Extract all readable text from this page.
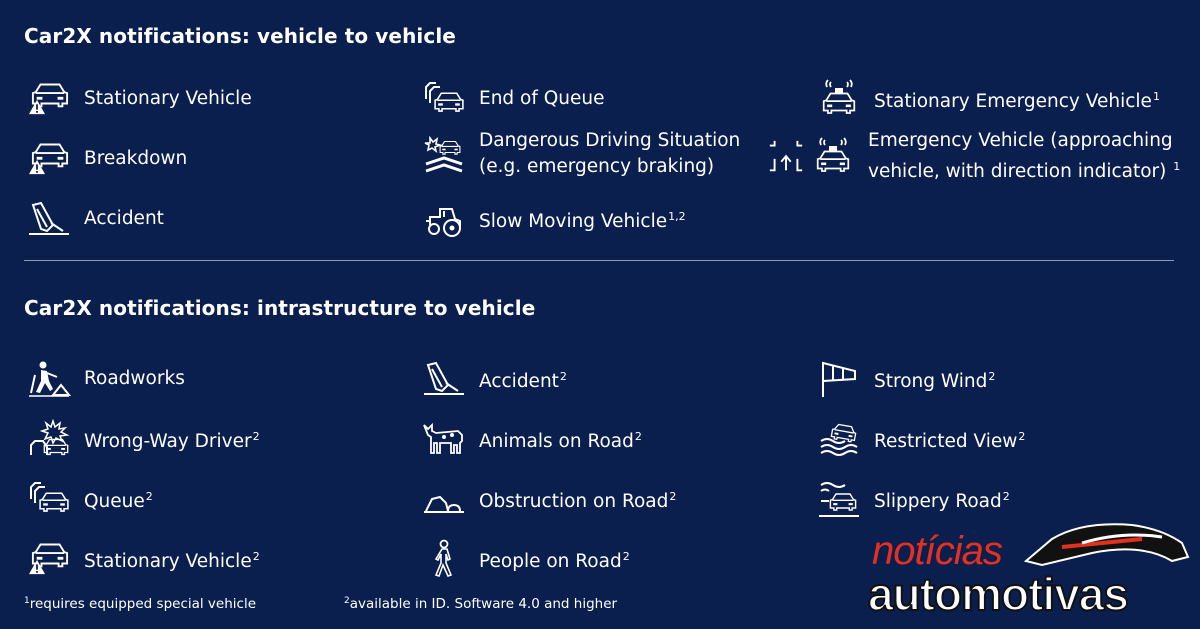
Car2X notifications: vehicle to vehicle
Stationary Vehicle
Breakdown
Accident
End of Queue
Dangerous Driving Situation
(e.g. emergency braking)
Slow Moving Vehicle$^{1,2}$
Stationary Emergency Vehicle$^1$
Emergency Vehicle (approaching
vehicle, with direction indicator) $^1$
Car2X notifications: intrastructure to vehicle
Roadworks
Wrong-Way Driver$^2$
Queue$^2$
Stationary Vehicle$^2$
Accident$^2$
Animals on Road$^2$
Obstruction on Road$^2$
People on Road$^2$
Strong Wind$^2$
Restricted View$^2$
Slippery Road$^2$
$^1$requires equipped special vehicle	$^2$available in ID. Software 4.0 and higher
notícias
automotivas
